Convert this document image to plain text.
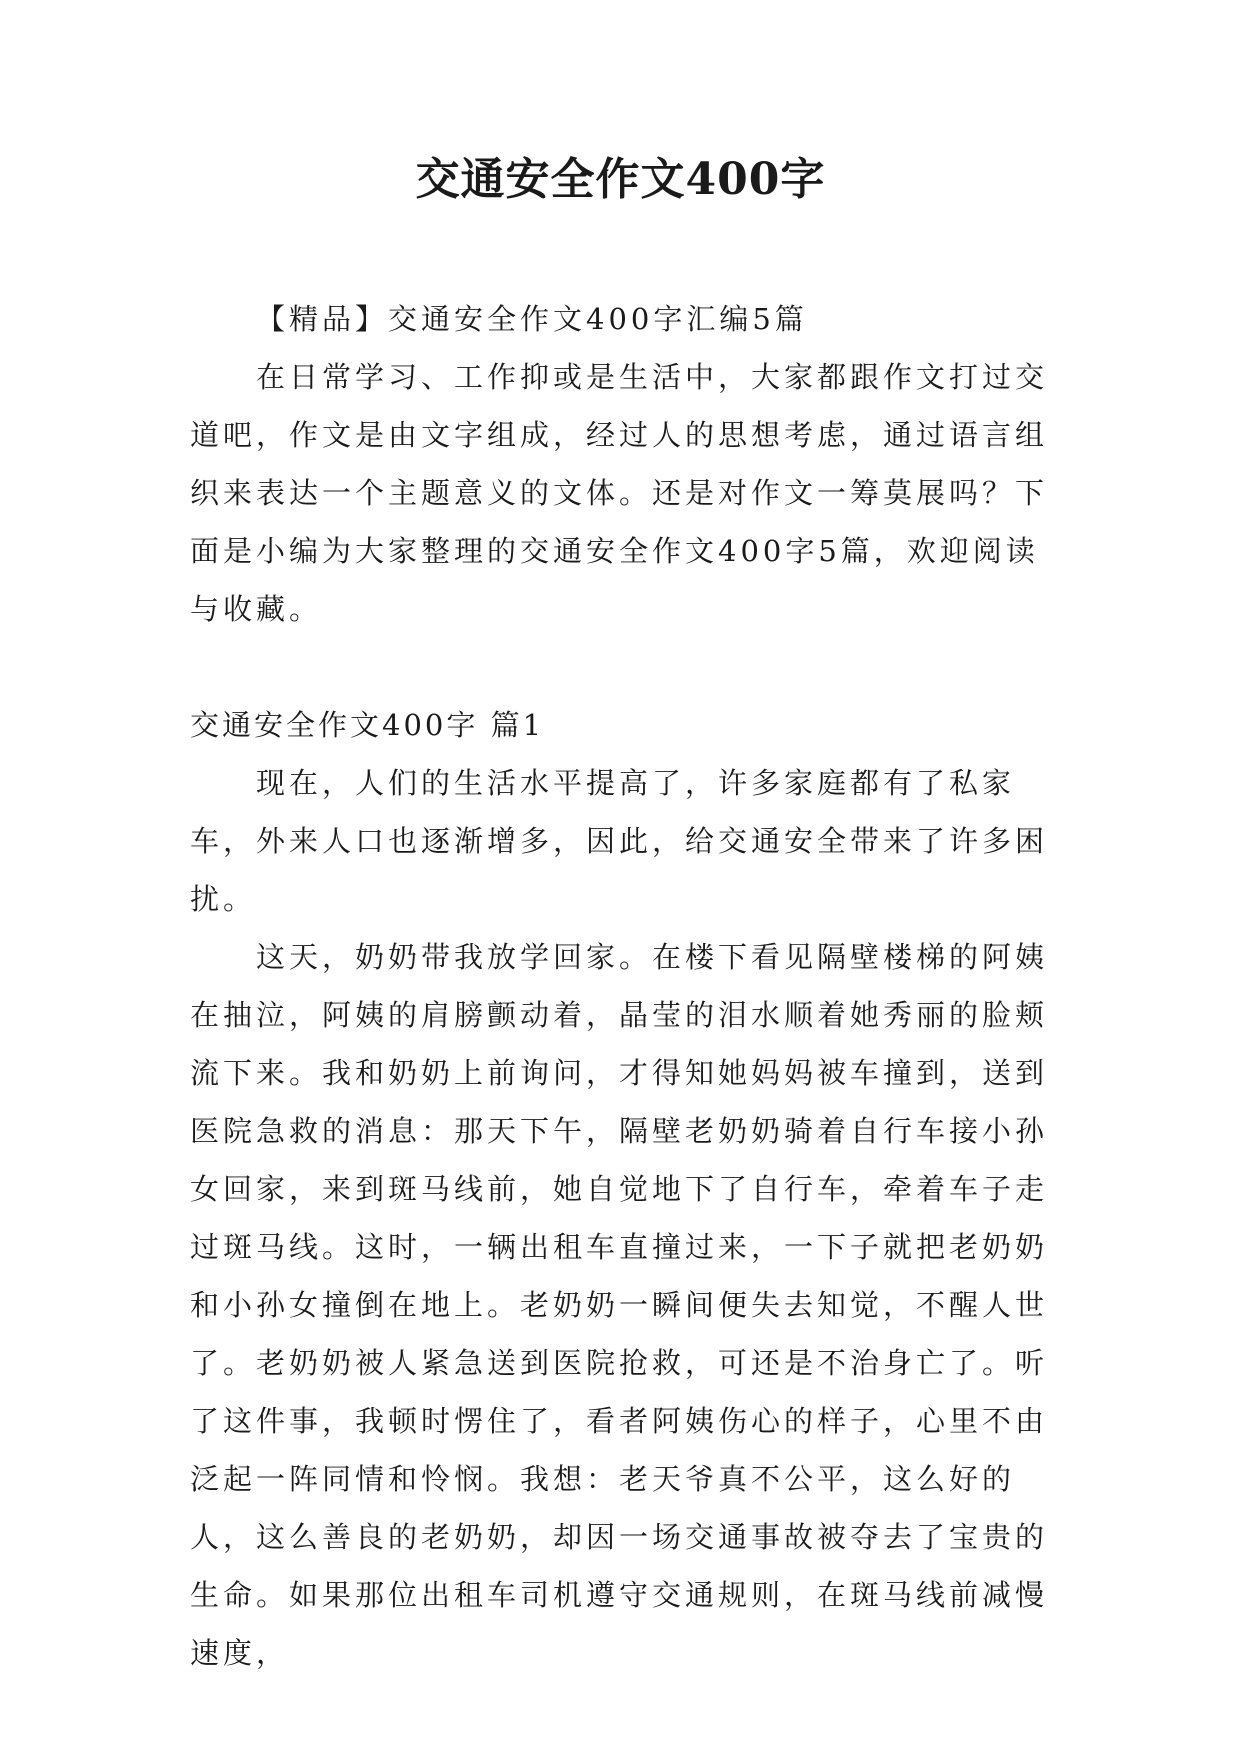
交通安全作文400字

【精品】交通安全作文400字汇编5篇

在日常学习、工作抑或是生活中，大家都跟作文打过交道吧，作文是由文字组成，经过人的思想考虑，通过语言组织来表达一个主题意义的文体。还是对作文一筹莫展吗？下面是小编为大家整理的交通安全作文400字5篇，欢迎阅读与收藏。

交通安全作文400字 篇1

现在，人们的生活水平提高了，许多家庭都有了私家车，外来人口也逐渐增多，因此，给交通安全带来了许多困扰。

这天，奶奶带我放学回家。在楼下看见隔壁楼梯的阿姨在抽泣，阿姨的肩膀颤动着，晶莹的泪水顺着她秀丽的脸颊流下来。我和奶奶上前询问，才得知她妈妈被车撞到，送到医院急救的消息：那天下午，隔壁老奶奶骑着自行车接小孙女回家，来到斑马线前，她自觉地下了自行车，牵着车子走过斑马线。这时，一辆出租车直撞过来，一下子就把老奶奶和小孙女撞倒在地上。老奶奶一瞬间便失去知觉，不醒人世了。老奶奶被人紧急送到医院抢救，可还是不治身亡了。听了这件事，我顿时愣住了，看者阿姨伤心的样子，心里不由泛起一阵同情和怜悯。我想：老天爷真不公平，这么好的人，这么善良的老奶奶，却因一场交通事故被夺去了宝贵的生命。如果那位出租车司机遵守交通规则，在斑马线前减慢速度，
